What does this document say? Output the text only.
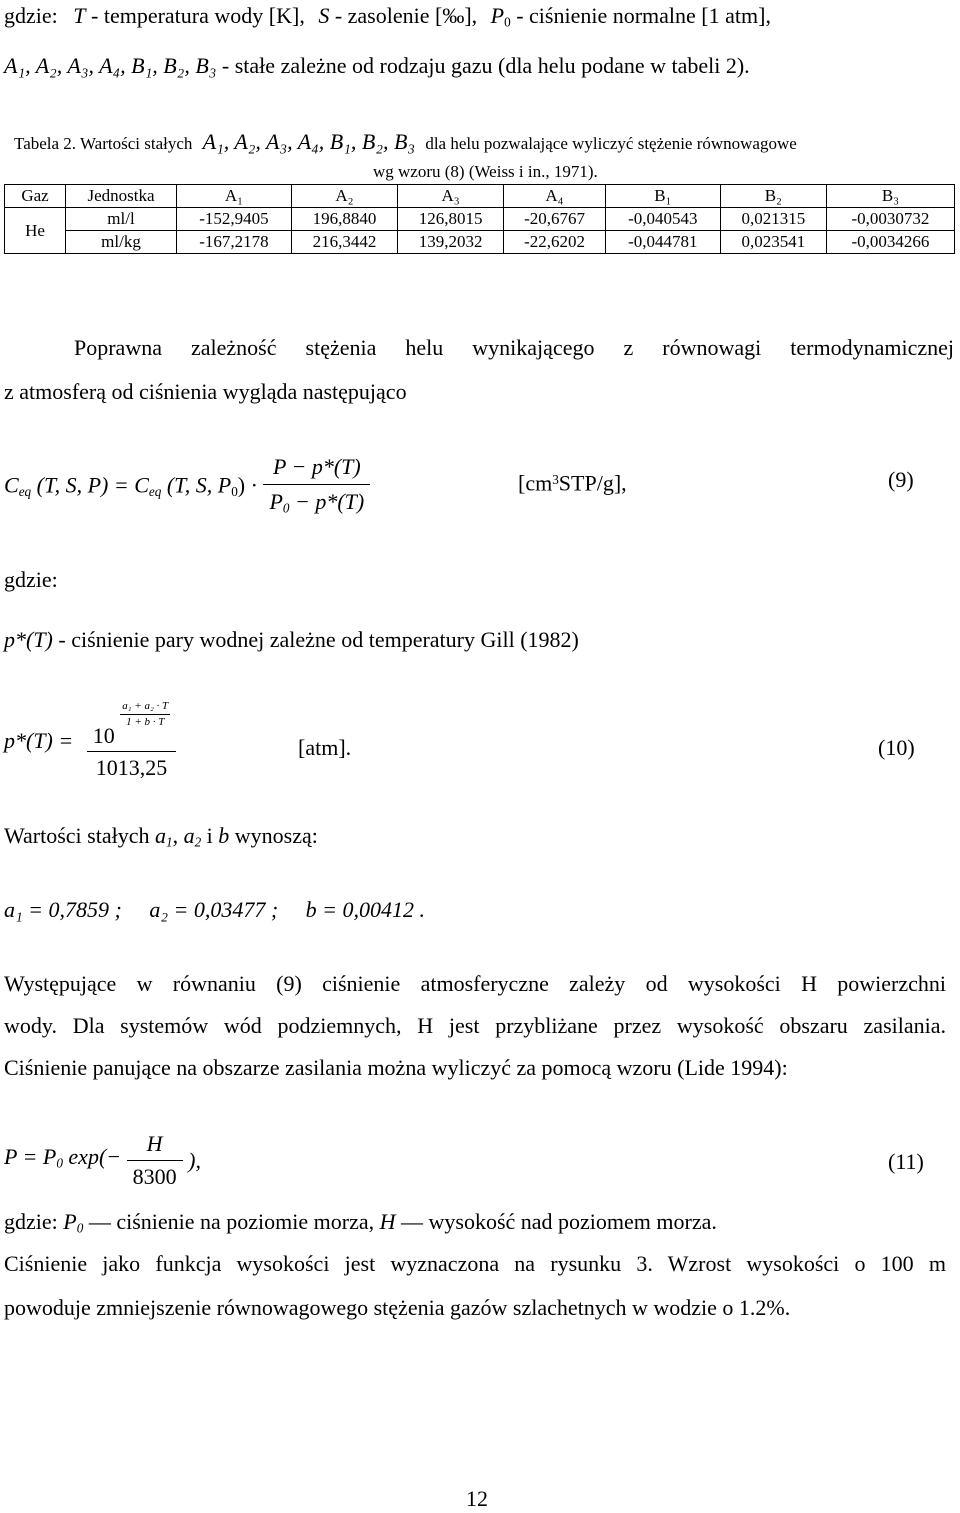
gdzie: T - temperatura wody [K], S - zasolenie [‰], $P_0$ - ciśnienie normalne [1 atm],
A₁, A₂, A₃, A₄, B₁, B₂, B₃ - stałe zależne od rodzaju gazu (dla helu podane w tabeli 2).
Tabela 2. Wartości stałych A₁, A₂, A₃, A₄, B₁, B₂, B₃ dla helu pozwalające wyliczyć stężenie równowagowe
wg wzoru (8) (Weiss i in., 1971).
Gaz	Jednostka	A₁	A₂	A₃	A₄	B₁	B₂	B₃
He	ml/l	-152,9405	196,8840	126,8015	-20,6767	-0,040543	0,021315	-0,0030732
	ml/kg	-167,2178	216,3442	139,2032	-22,6202	-0,044781	0,023541	-0,0034266
Poprawna zależność stężenia helu wynikającego z równowagi termodynamicznej
z atmosferą od ciśnienia wygląda następująco
$C_{eq}$ (T, S, $P) = C_{eq}$ (T, S, $P_0) \cdot \frac{P - p*(T)}{P_0 - p*(T)}$	$[cm^3STP/g]$,	(9)
gdzie:
p*(T) - ciśnienie pary wodnej zależne od temperatury Gill (1982)
p*(T) = 10
$\frac{\text{a₁ + a₂ · T}}{1 + b \cdot T}$
1013,25	[atm].	(10)
Wartości stałych $a_1$, $a_2$ i b wynoszą:
a₁ = 0,7859 ; a₂ = 0,03477 ; b = 0,00412 .
Występujące w równaniu (9) ciśnienie atmosferyczne zależy od wysokości H powierzchni
wody. Dla systemów wód podziemnych, H jest przybliżane przez wysokość obszaru zasilania.
Ciśnienie panujące na obszarze zasilania można wyliczyć za pomocą wzoru (Lide 1994):
$P = P_0$ $\exp(- \frac{H}{8300}$ ),	(11)
gdzie: $P_0$ — ciśnienie na poziomie morza, H — wysokość nad poziomem morza.
Ciśnienie jako funkcja wysokości jest wyznaczona na rysunku 3. Wzrost wysokości o 100 m
powoduje zmniejszenie równowagowego stężenia gazów szlachetnych w wodzie o 1.2%.
12
